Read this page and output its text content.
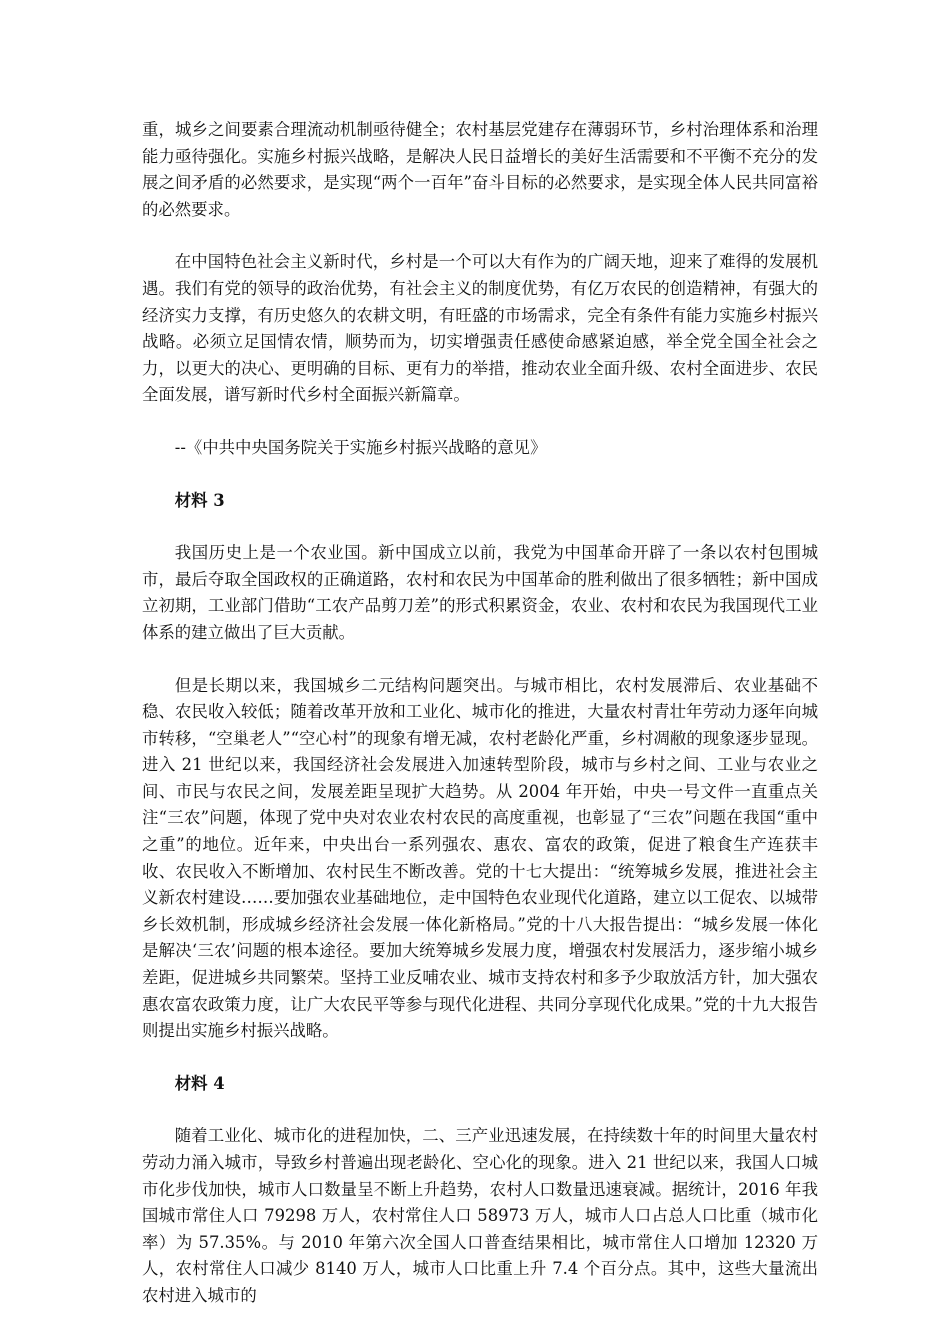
重，城乡之间要素合理流动机制亟待健全；农村基层党建存在薄弱环节，乡村治理体系和治理能力亟待强化。实施乡村振兴战略，是解决人民日益增长的美好生活需要和不平衡不充分的发展之间矛盾的必然要求，是实现“两个一百年”奋斗目标的必然要求，是实现全体人民共同富裕的必然要求。

在中国特色社会主义新时代，乡村是一个可以大有作为的广阔天地，迎来了难得的发展机遇。我们有党的领导的政治优势，有社会主义的制度优势，有亿万农民的创造精神，有强大的经济实力支撑，有历史悠久的农耕文明，有旺盛的市场需求，完全有条件有能力实施乡村振兴战略。必须立足国情农情，顺势而为，切实增强责任感使命感紧迫感，举全党全国全社会之力，以更大的决心、更明确的目标、更有力的举措，推动农业全面升级、农村全面进步、农民全面发展，谱写新时代乡村全面振兴新篇章。

--《中共中央国务院关于实施乡村振兴战略的意见》

材料 3

我国历史上是一个农业国。新中国成立以前，我党为中国革命开辟了一条以农村包围城市，最后夺取全国政权的正确道路，农村和农民为中国革命的胜利做出了很多牺牲；新中国成立初期，工业部门借助“工农产品剪刀差”的形式积累资金，农业、农村和农民为我国现代工业体系的建立做出了巨大贡献。

但是长期以来，我国城乡二元结构问题突出。与城市相比，农村发展滞后、农业基础不稳、农民收入较低；随着改革开放和工业化、城市化的推进，大量农村青壮年劳动力逐年向城市转移，“空巢老人”“空心村”的现象有增无减，农村老龄化严重，乡村凋敝的现象逐步显现。进入 21 世纪以来，我国经济社会发展进入加速转型阶段，城市与乡村之间、工业与农业之间、市民与农民之间，发展差距呈现扩大趋势。从 2004 年开始，中央一号文件一直重点关注“三农”问题，体现了党中央对农业农村农民的高度重视，也彰显了“三农”问题在我国“重中之重”的地位。近年来，中央出台一系列强农、惠农、富农的政策，促进了粮食生产连获丰收、农民收入不断增加、农村民生不断改善。党的十七大提出：“统筹城乡发展，推进社会主义新农村建设……要加强农业基础地位，走中国特色农业现代化道路，建立以工促农、以城带乡长效机制，形成城乡经济社会发展一体化新格局。”党的十八大报告提出：“城乡发展一体化是解决‘三农’问题的根本途径。要加大统筹城乡发展力度，增强农村发展活力，逐步缩小城乡差距，促进城乡共同繁荣。坚持工业反哺农业、城市支持农村和多予少取放活方针，加大强农惠农富农政策力度，让广大农民平等参与现代化进程、共同分享现代化成果。”党的十九大报告则提出实施乡村振兴战略。

材料 4

随着工业化、城市化的进程加快，二、三产业迅速发展，在持续数十年的时间里大量农村劳动力涌入城市，导致乡村普遍出现老龄化、空心化的现象。进入 21 世纪以来，我国人口城市化步伐加快，城市人口数量呈不断上升趋势，农村人口数量迅速衰减。据统计，2016 年我国城市常住人口 79298 万人，农村常住人口 58973 万人，城市人口占总人口比重（城市化率）为 57.35%。与 2010 年第六次全国人口普查结果相比，城市常住人口增加 12320 万人，农村常住人口减少 8140 万人，城市人口比重上升 7.4 个百分点。其中，这些大量流出农村进入城市的
